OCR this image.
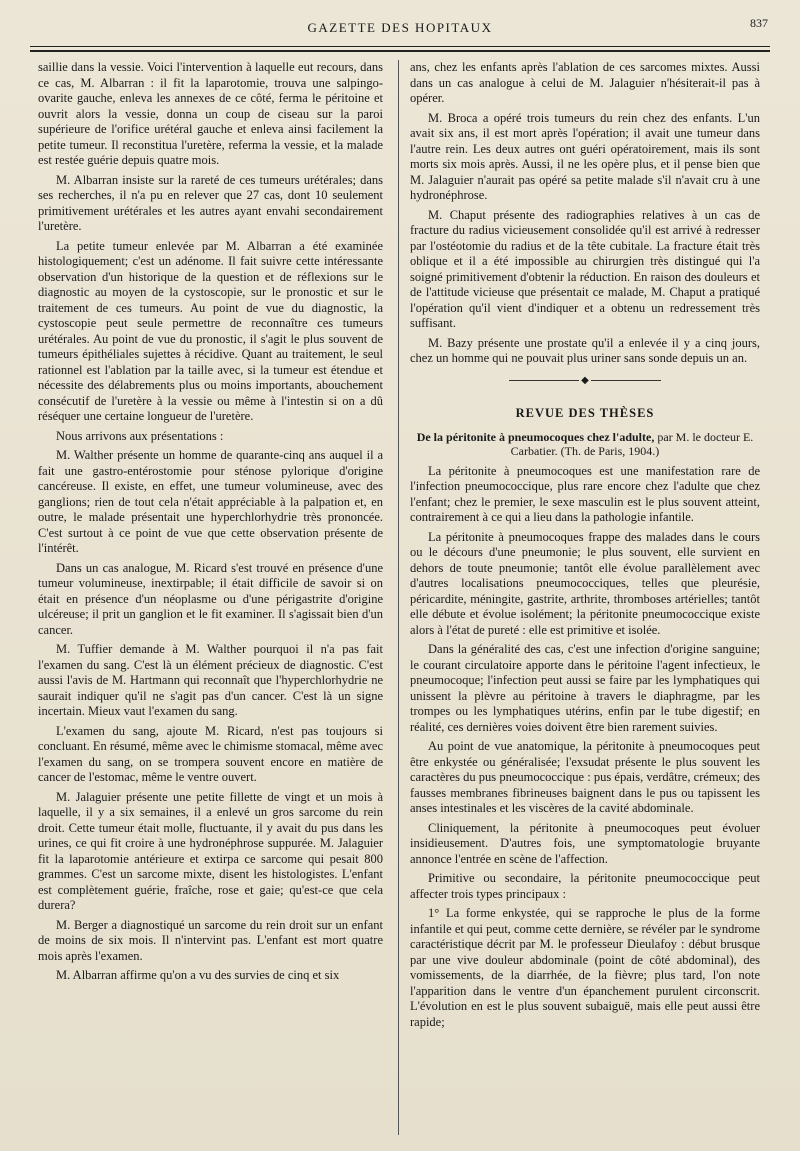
GAZETTE DES HOPITAUX	837

saillie dans la vessie. Voici l'intervention à laquelle eut recours, dans ce cas, M. Albarran : il fit la laparotomie, trouva une salpingo-ovarite gauche, enleva les annexes de ce côté, ferma le péritoine et ouvrit alors la vessie, donna un coup de ciseau sur la paroi supérieure de l'orifice urétéral gauche et enleva ainsi facilement la petite tumeur. Il reconstitua l'uretère, referma la vessie, et la malade est restée guérie depuis quatre mois.

M. Albarran insiste sur la rareté de ces tumeurs urétérales; dans ses recherches, il n'a pu en relever que 27 cas, dont 10 seulement primitivement urétérales et les autres ayant envahi secondairement l'uretère.

La petite tumeur enlevée par M. Albarran a été examinée histologiquement; c'est un adénome. Il fait suivre cette intéressante observation d'un historique de la question et de réflexions sur le diagnostic au moyen de la cystoscopie, sur le pronostic et sur le traitement de ces tumeurs. Au point de vue du diagnostic, la cystoscopie peut seule permettre de reconnaître ces tumeurs urétérales. Au point de vue du pronostic, il s'agit le plus souvent de tumeurs épithéliales sujettes à récidive. Quant au traitement, le seul rationnel est l'ablation par la taille avec, si la tumeur est étendue et nécessite des délabrements plus ou moins importants, abouchement consécutif de l'uretère à la vessie ou même à l'intestin si on a dû réséquer une certaine longueur de l'uretère.

Nous arrivons aux présentations :

M. Walther présente un homme de quarante-cinq ans auquel il a fait une gastro-entérostomie pour sténose pylorique d'origine cancéreuse. Il existe, en effet, une tumeur volumineuse, avec des ganglions; rien de tout cela n'était appréciable à la palpation et, en outre, le malade présentait une hyperchlorhydrie très prononcée. C'est surtout à ce point de vue que cette observation présente de l'intérêt.

Dans un cas analogue, M. Ricard s'est trouvé en présence d'une tumeur volumineuse, inextirpable; il était difficile de savoir si on était en présence d'un néoplasme ou d'une périgastrite d'origine ulcéreuse; il prit un ganglion et le fit examiner. Il s'agissait bien d'un cancer.

M. Tuffier demande à M. Walther pourquoi il n'a pas fait l'examen du sang. C'est là un élément précieux de diagnostic. C'est aussi l'avis de M. Hartmann qui reconnaît que l'hyperchlorhydrie ne saurait indiquer qu'il ne s'agit pas d'un cancer. C'est là un signe incertain. Mieux vaut l'examen du sang.

L'examen du sang, ajoute M. Ricard, n'est pas toujours si concluant. En résumé, même avec le chimisme stomacal, même avec l'examen du sang, on se trompera souvent encore en matière de cancer de l'estomac, même le ventre ouvert.

M. Jalaguier présente une petite fillette de vingt et un mois à laquelle, il y a six semaines, il a enlevé un gros sarcome du rein droit. Cette tumeur était molle, fluctuante, il y avait du pus dans les urines, ce qui fit croire à une hydronéphrose suppurée. M. Jalaguier fit la laparotomie antérieure et extirpa ce sarcome qui pesait 800 grammes. C'est un sarcome mixte, disent les histologistes. L'enfant est complètement guérie, fraîche, rose et gaie; qu'est-ce que cela durera?

M. Berger a diagnostiqué un sarcome du rein droit sur un enfant de moins de six mois. Il n'intervint pas. L'enfant est mort quatre mois après l'examen.

M. Albarran affirme qu'on a vu des survies de cinq et six

ans, chez les enfants après l'ablation de ces sarcomes mixtes. Aussi dans un cas analogue à celui de M. Jalaguier n'hésiterait-il pas à opérer.

M. Broca a opéré trois tumeurs du rein chez des enfants. L'un avait six ans, il est mort après l'opération; il avait une tumeur dans l'autre rein. Les deux autres ont guéri opératoirement, mais ils sont morts six mois après. Aussi, il ne les opère plus, et il pense bien que M. Jalaguier n'aurait pas opéré sa petite malade s'il n'avait cru à une hydronéphrose.

M. Chaput présente des radiographies relatives à un cas de fracture du radius vicieusement consolidée qu'il est arrivé à redresser par l'ostéotomie du radius et de la tête cubitale. La fracture était très oblique et il a été impossible au chirurgien très distingué qui l'a soigné primitivement d'obtenir la réduction. En raison des douleurs et de l'attitude vicieuse que présentait ce malade, M. Chaput a pratiqué l'opération qu'il vient d'indiquer et a obtenu un redressement très suffisant.

M. Bazy présente une prostate qu'il a enlevée il y a cinq jours, chez un homme qui ne pouvait plus uriner sans sonde depuis un an.

◆
REVUE DES THÈSES
De la péritonite à pneumocoques chez l'adulte, par M. le docteur E. Carbatier. (Th. de Paris, 1904.)

La péritonite à pneumocoques est une manifestation rare de l'infection pneumococcique, plus rare encore chez l'adulte que chez l'enfant; chez le premier, le sexe masculin est le plus souvent atteint, contrairement à ce qui a lieu dans la pathologie infantile.

La péritonite à pneumocoques frappe des malades dans le cours ou le décours d'une pneumonie; le plus souvent, elle survient en dehors de toute pneumonie; tantôt elle évolue parallèlement avec d'autres localisations pneumococciques, telles que pleurésie, péricardite, méningite, gastrite, arthrite, thromboses artérielles; tantôt elle débute et évolue isolément; la péritonite pneumococcique existe alors à l'état de pureté : elle est primitive et isolée.

Dans la généralité des cas, c'est une infection d'origine sanguine; le courant circulatoire apporte dans le péritoine l'agent infectieux, le pneumocoque; l'infection peut aussi se faire par les lymphatiques qui unissent la plèvre au péritoine à travers le diaphragme, par les trompes ou les lymphatiques utérins, enfin par le tube digestif; en réalité, ces dernières voies doivent être bien rarement suivies.

Au point de vue anatomique, la péritonite à pneumocoques peut être enkystée ou généralisée; l'exsudat présente le plus souvent les caractères du pus pneumococcique : pus épais, verdâtre, crémeux; des fausses membranes fibrineuses baignent dans le pus ou tapissent les anses intestinales et les viscères de la cavité abdominale.

Cliniquement, la péritonite à pneumocoques peut évoluer insidieusement. D'autres fois, une symptomatologie bruyante annonce l'entrée en scène de l'affection.

Primitive ou secondaire, la péritonite pneumococcique peut affecter trois types principaux :

1° La forme enkystée, qui se rapproche le plus de la forme infantile et qui peut, comme cette dernière, se révéler par le syndrome caractéristique décrit par M. le professeur Dieulafoy : début brusque par une vive douleur abdominale (point de côté abdominal), des vomissements, de la diarrhée, de la fièvre; plus tard, l'on note l'apparition dans le ventre d'un épanchement purulent circonscrit. L'évolution en est le plus souvent subaiguë, mais elle peut aussi être rapide;
